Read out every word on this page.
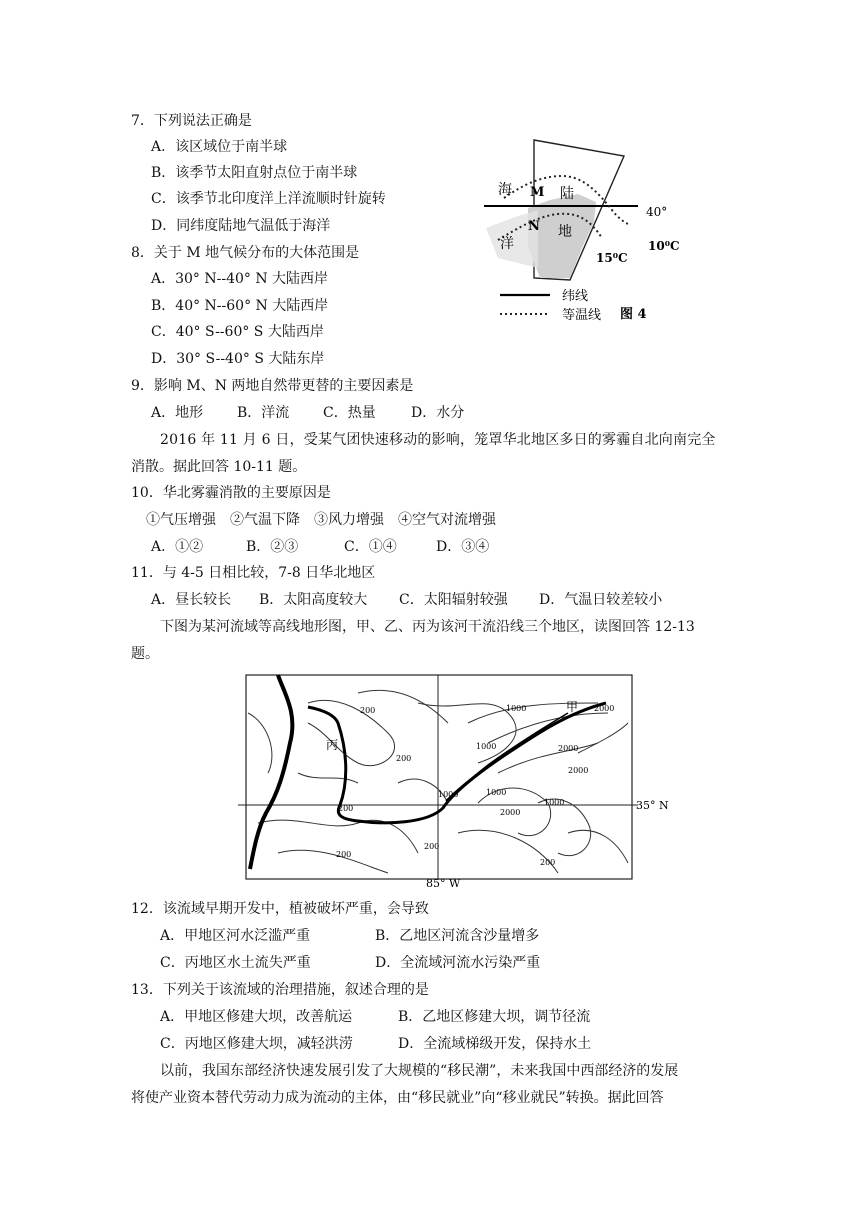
7．下列说法正确是
A．该区域位于南半球
B．该季节太阳直射点位于南半球
C．该季节北印度洋上洋流顺时针旋转
D．同纬度陆地气温低于海洋
8．关于 M 地气候分布的大体范围是
A．30° N--40° N 大陆西岸
B．40° N--60° N 大陆西岸
C．40° S--60° S 大陆西岸
D．30° S--40° S 大陆东岸
9．影响 M、N 两地自然带更替的主要因素是
A．地形 B．洋流 C．热量	D．水分
2016 年 11 月 6 日，受某气团快速移动的影响，笼罩华北地区多日的雾霾自北向南完全
消散。据此回答 10-11 题。
10．华北雾霾消散的主要原因是
①气压增强　②气温下降　③风力增强　④空气对流增强
A．①②	B．②③	C．①④	D．③④
11．与 4-5 日相比较，7-8 日华北地区
A．昼长较长 B．太阳高度较大 C．太阳辐射较强 D．气温日较差较小
下图为某河流域等高线地形图，甲、乙、丙为该河干流沿线三个地区，读图回答 12-13
题。
12．该流域早期开发中，植被破坏严重，会导致
A．甲地区河水泛滥严重	B．乙地区河流含沙量增多
C．丙地区水土流失严重	D．全流域河流水污染严重
13．下列关于该流域的治理措施，叙述合理的是
A．甲地区修建大坝，改善航运	B．乙地区修建大坝，调节径流
C．丙地区修建大坝，减轻洪涝	D．全流域梯级开发，保持水土
以前，我国东部经济快速发展引发了大规模的“移民潮”，未来我国中西部经济的发展
将使产业资本替代劳动力成为流动的主体，由“移民就业”向“移业就民”转换。据此回答
海
洋
陆
地
M
N
40°
15⁰C
10⁰C
纬线
等温线 图 4
甲
丙
35° N
85° W
200
200
200
200
200
200
1000
1000
1000	1000
1000
2000
2000
2000
2000
